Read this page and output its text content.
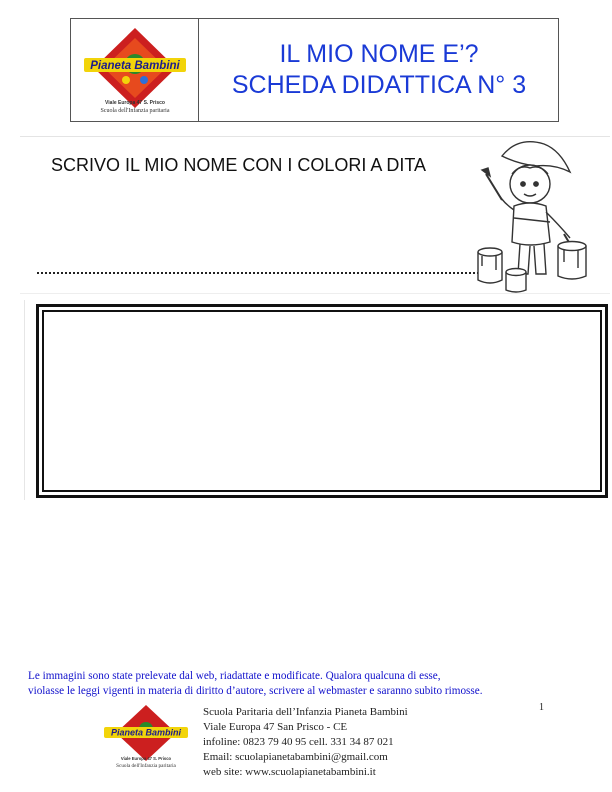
Pianeta Bambini
Viale Europa 47 S. Prisco
Scuola dell'Infanzia paritaria
IL MIO NOME E’?
SCHEDA DIDATTICA N° 3
SCRIVO IL MIO NOME CON I COLORI A DITA
Le immagini sono state prelevate dal web, riadattate e modificate. Qualora qualcuna di esse,
violasse le leggi vigenti in materia di diritto d’autore, scrivere al webmaster e saranno subito rimosse.
Pianeta Bambini
Viale Europa 47 S. Prisco
Scuola dell'Infanzia paritaria
Scuola Paritaria dell’Infanzia Pianeta Bambini
Viale Europa 47 San Prisco - CE
infoline: 0823 79 40 95 cell. 331 34 87 021
Email: scuolapianetabambini@gmail.com
web site: www.scuolapianetabambini.it
1
